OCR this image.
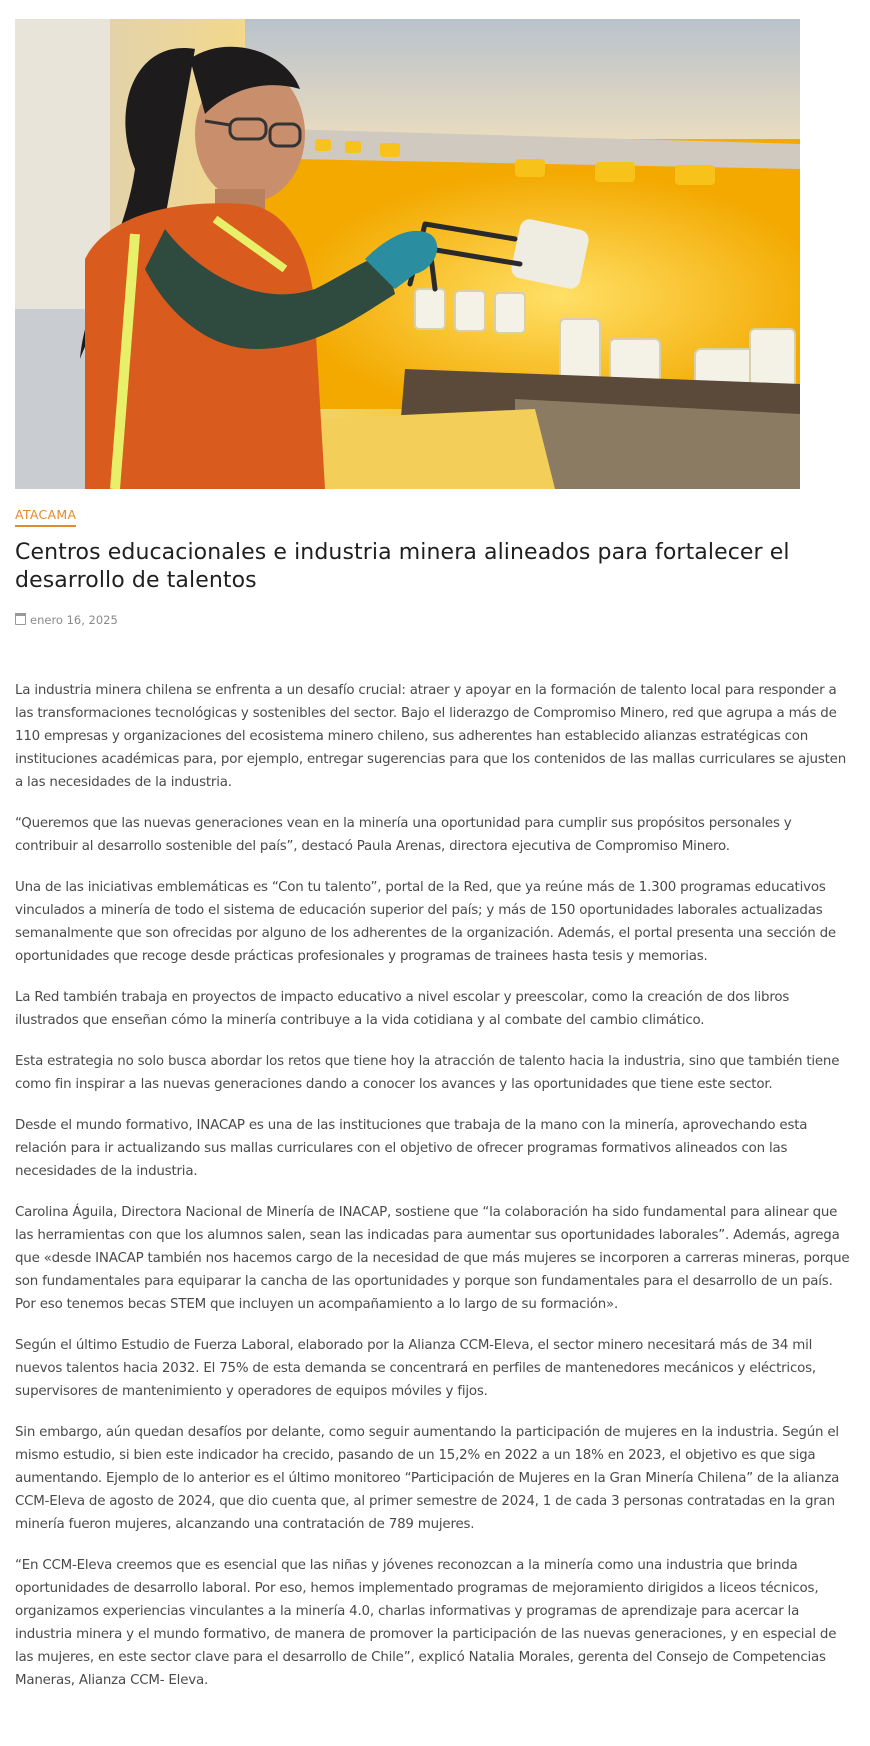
ATACAMA
Centros educacionales e industria minera alineados para fortalecer el desarrollo de talentos
enero 16, 2025

La industria minera chilena se enfrenta a un desafío crucial: atraer y apoyar en la formación de talento local para responder a las transformaciones tecnológicas y sostenibles del sector. Bajo el liderazgo de Compromiso Minero, red que agrupa a más de 110 empresas y organizaciones del ecosistema minero chileno, sus adherentes han establecido alianzas estratégicas con instituciones académicas para, por ejemplo, entregar sugerencias para que los contenidos de las mallas curriculares se ajusten a las necesidades de la industria.

“Queremos que las nuevas generaciones vean en la minería una oportunidad para cumplir sus propósitos personales y contribuir al desarrollo sostenible del país”, destacó Paula Arenas, directora ejecutiva de Compromiso Minero.

Una de las iniciativas emblemáticas es “Con tu talento”, portal de la Red, que ya reúne más de 1.300 programas educativos vinculados a minería de todo el sistema de educación superior del país; y más de 150 oportunidades laborales actualizadas semanalmente que son ofrecidas por alguno de los adherentes de la organización. Además, el portal presenta una sección de oportunidades que recoge desde prácticas profesionales y programas de trainees hasta tesis y memorias.

La Red también trabaja en proyectos de impacto educativo a nivel escolar y preescolar, como la creación de dos libros ilustrados que enseñan cómo la minería contribuye a la vida cotidiana y al combate del cambio climático.

Esta estrategia no solo busca abordar los retos que tiene hoy la atracción de talento hacia la industria, sino que también tiene como fin inspirar a las nuevas generaciones dando a conocer los avances y las oportunidades que tiene este sector.

Desde el mundo formativo, INACAP es una de las instituciones que trabaja de la mano con la minería, aprovechando esta relación para ir actualizando sus mallas curriculares con el objetivo de ofrecer programas formativos alineados con las necesidades de la industria.

Carolina Águila, Directora Nacional de Minería de INACAP, sostiene que “la colaboración ha sido fundamental para alinear que las herramientas con que los alumnos salen, sean las indicadas para aumentar sus oportunidades laborales”. Además, agrega que «desde INACAP también nos hacemos cargo de la necesidad de que más mujeres se incorporen a carreras mineras, porque son fundamentales para equiparar la cancha de las oportunidades y porque son fundamentales para el desarrollo de un país. Por eso tenemos becas STEM que incluyen un acompañamiento a lo largo de su formación».

Según el último Estudio de Fuerza Laboral, elaborado por la Alianza CCM-Eleva, el sector minero necesitará más de 34 mil nuevos talentos hacia 2032. El 75% de esta demanda se concentrará en perfiles de mantenedores mecánicos y eléctricos, supervisores de mantenimiento y operadores de equipos móviles y fijos.

Sin embargo, aún quedan desafíos por delante, como seguir aumentando la participación de mujeres en la industria. Según el mismo estudio, si bien este indicador ha crecido, pasando de un 15,2% en 2022 a un 18% en 2023, el objetivo es que siga aumentando. Ejemplo de lo anterior es el último monitoreo “Participación de Mujeres en la Gran Minería Chilena” de la alianza CCM-Eleva de agosto de 2024, que dio cuenta que, al primer semestre de 2024, 1 de cada 3 personas contratadas en la gran minería fueron mujeres, alcanzando una contratación de 789 mujeres.

“En CCM-Eleva creemos que es esencial que las niñas y jóvenes reconozcan a la minería como una industria que brinda oportunidades de desarrollo laboral. Por eso, hemos implementado programas de mejoramiento dirigidos a liceos técnicos, organizamos experiencias vinculantes a la minería 4.0, charlas informativas y programas de aprendizaje para acercar la industria minera y el mundo formativo, de manera de promover la participación de las nuevas generaciones, y en especial de las mujeres, en este sector clave para el desarrollo de Chile”, explicó Natalia Morales, gerenta del Consejo de Competencias Maneras, Alianza CCM- Eleva.
